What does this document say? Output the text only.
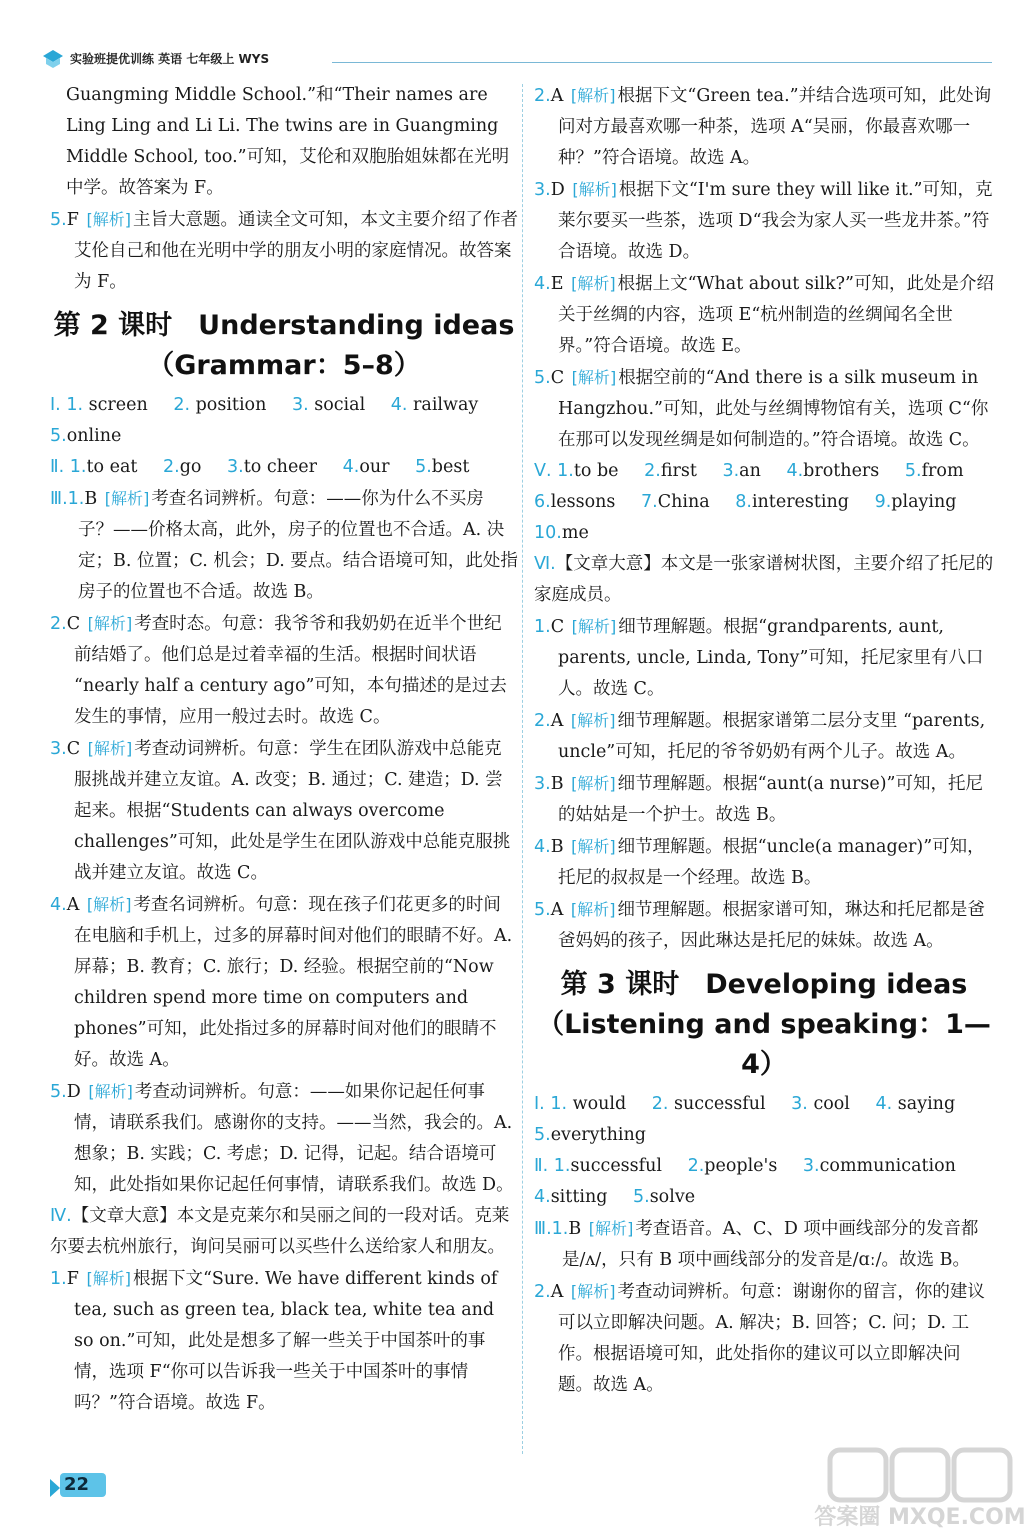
实验班提优训练 英语 七年级上 WYS

Guangming Middle School.”和“Their names are Ling Ling and Li Li. The twins are in Guangming Middle School, too.”可知，艾伦和双胞胎姐妹都在光明中学。故答案为 F。

5.F [ 解析 ] 主旨大意题。通读全文可知，本文主要介绍了作者艾伦自己和他在光明中学的朋友小明的家庭情况。故答案为 F。

第 2 课时 Understanding ideas
（Grammar：5–8）

Ⅰ. 1. screen 2. position 3. social 4. railway
5.online

Ⅱ. 1.to eat 2.go 3.to cheer 4.our 5.best

Ⅲ.1.B [ 解析 ] 考查名词辨析。句意：——你为什么不买房子？——价格太高，此外，房子的位置也不合适。A. 决定；B. 位置；C. 机会；D. 要点。结合语境可知，此处指房子的位置也不合适。故选 B。

2.C [ 解析 ] 考查时态。句意：我爷爷和我奶奶在近半个世纪前结婚了。他们总是过着幸福的生活。根据时间状语 “nearly half a century ago”可知，本句描述的是过去发生的事情，应用一般过去时。故选 C。

3.C [ 解析 ] 考查动词辨析。句意：学生在团队游戏中总能克服挑战并建立友谊。A. 改变；B. 通过；C. 建造；D. 尝起来。根据“Students can always overcome challenges”可知，此处是学生在团队游戏中总能克服挑战并建立友谊。故选 C。

4.A [ 解析 ] 考查名词辨析。句意：现在孩子们花更多的时间在电脑和手机上，过多的屏幕时间对他们的眼睛不好。A. 屏幕；B. 教育；C. 旅行；D. 经验。根据空前的“Now children spend more time on computers and phones”可知，此处指过多的屏幕时间对他们的眼睛不好。故选 A。

5.D [ 解析 ] 考查动词辨析。句意：——如果你记起任何事情，请联系我们。感谢你的支持。——当然，我会的。A. 想象；B. 实践；C. 考虑；D. 记得，记起。结合语境可知，此处指如果你记起任何事情，请联系我们。故选 D。

Ⅳ.【文章大意】本文是克莱尔和吴丽之间的一段对话。克莱尔要去杭州旅行，询问吴丽可以买些什么送给家人和朋友。

1.F [ 解析 ] 根据下文“Sure. We have different kinds of tea, such as green tea, black tea, white tea and so on.”可知，此处是想多了解一些关于中国茶叶的事情，选项 F“你可以告诉我一些关于中国茶叶的事情吗？”符合语境。故选 F。

2.A [ 解析 ] 根据下文“Green tea.”并结合选项可知，此处询问对方最喜欢哪一种茶，选项 A“吴丽，你最喜欢哪一种？”符合语境。故选 A。

3.D [ 解析 ] 根据下文“I'm sure they will like it.”可知，克莱尔要买一些茶，选项 D“我会为家人买一些龙井茶。”符合语境。故选 D。

4.E [ 解析 ] 根据上文“What about silk?”可知，此处是介绍关于丝绸的内容，选项 E“杭州制造的丝绸闻名全世界。”符合语境。故选 E。

5.C [ 解析 ] 根据空前的“And there is a silk museum in Hangzhou.”可知，此处与丝绸博物馆有关，选项 C“你在那可以发现丝绸是如何制造的。”符合语境。故选 C。

Ⅴ. 1.to be 2.first 3.an 4.brothers 5.from
6.lessons 7.China 8.interesting 9.playing
10.me

Ⅵ.【文章大意】本文是一张家谱树状图，主要介绍了托尼的家庭成员。

1.C [ 解析 ] 细节理解题。根据“grandparents, aunt, parents, uncle, Linda, Tony”可知，托尼家里有八口人。故选 C。

2.A [ 解析 ] 细节理解题。根据家谱第二层分支里 “parents, uncle”可知，托尼的爷爷奶奶有两个儿子。故选 A。

3.B [ 解析 ] 细节理解题。根据“aunt(a nurse)”可知，托尼的姑姑是一个护士。故选 B。

4.B [ 解析 ] 细节理解题。根据“uncle(a manager)”可知，托尼的叔叔是一个经理。故选 B。

5.A [ 解析 ] 细节理解题。根据家谱可知，琳达和托尼都是爸爸妈妈的孩子，因此琳达是托尼的妹妹。故选 A。

第 3 课时 Developing ideas
（Listening and speaking：1—4）

Ⅰ. 1. would 2. successful 3. cool 4. saying
5.everything

Ⅱ. 1.successful 2.people's 3.communication
4.sitting 5.solve

Ⅲ.1.B [ 解析 ] 考查语音。A、C、D 项中画线部分的发音都是/ʌ/，只有 B 项中画线部分的发音是/ɑː/。故选 B。

2.A [ 解析 ] 考查动词辨析。句意：谢谢你的留言，你的建议可以立即解决问题。A. 解决；B. 回答；C. 问；D. 工作。根据语境可知，此处指你的建议可以立即解决问题。故选 A。

22
答案圈 MXQE.COM
